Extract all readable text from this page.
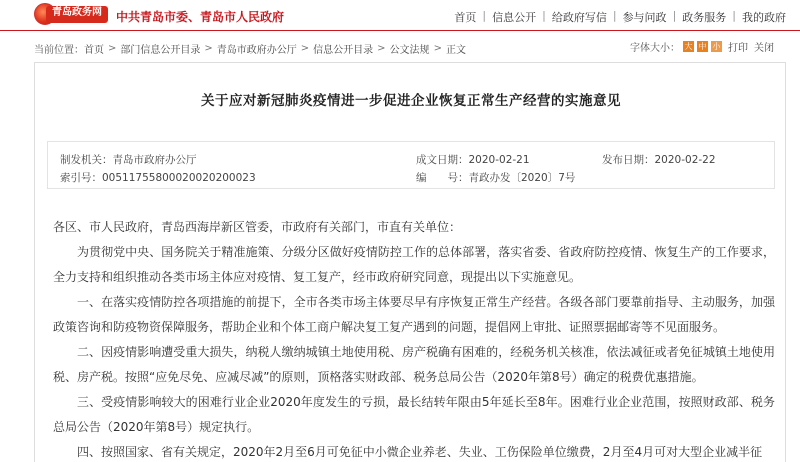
青岛政务网	中共青岛市委、青岛市人民政府	首页 | 信息公开 | 给政府写信 | 参与问政 | 政务服务 | 我的政府
当前位置： 首页 > 部门信息公开目录 > 青岛市政府办公厅 > 信息公开目录 > 公文法规 > 正文	字体大小： 大 中 小 打印 关闭
关于应对新冠肺炎疫情进一步促进企业恢复正常生产经营的实施意见
制发机关：青岛市政府办公厅
索引号：00511755800020020200023
成文日期：2020-02-21
编　　号：青政办发〔2020〕7号
发布日期：2020-02-22

各区、市人民政府，青岛西海岸新区管委，市政府有关部门，市直有关单位：

为贯彻党中央、国务院关于精准施策、分级分区做好疫情防控工作的总体部署，落实省委、省政府防控疫情、恢复生产的工作要求，全力支持和组织推动各类市场主体应对疫情、复工复产，经市政府研究同意，现提出以下实施意见。

一、在落实疫情防控各项措施的前提下，全市各类市场主体要尽早有序恢复正常生产经营。各级各部门要靠前指导、主动服务，加强政策咨询和防疫物资保障服务，帮助企业和个体工商户解决复工复产遇到的问题，提倡网上审批、证照票据邮寄等不见面服务。

二、因疫情影响遭受重大损失，纳税人缴纳城镇土地使用税、房产税确有困难的，经税务机关核准，依法减征或者免征城镇土地使用税、房产税。按照“应免尽免、应减尽减”的原则，顶格落实财政部、税务总局公告（2020年第8号）确定的税费优惠措施。

三、受疫情影响较大的困难行业企业2020年度发生的亏损，最长结转年限由5年延长至8年。困难行业企业范围，按照财政部、税务总局公告（2020年第8号）规定执行。

四、按照国家、省有关规定，2020年2月至6月可免征中小微企业养老、失业、工伤保险单位缴费，2月至4月可对大型企业减半征
